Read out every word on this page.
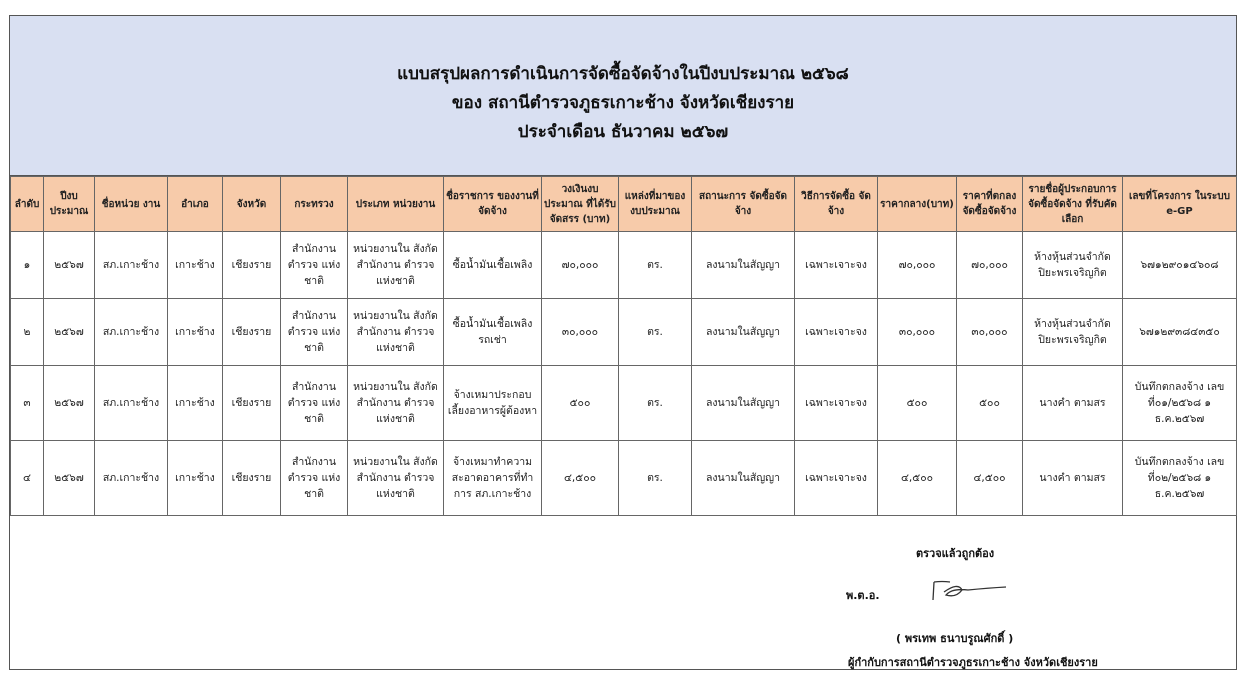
แบบสรุปผลการดำเนินการจัดซื้อจัดจ้างในปีงบประมาณ ๒๕๖๘
ของ สถานีตำรวจภูธรเกาะช้าง จังหวัดเชียงราย
ประจำเดือน ธันวาคม ๒๕๖๗
ลำดับ	ปีงบ ประมาณ	ชื่อหน่วย งาน	อำเภอ	จังหวัด	กระทรวง	ประเภท หน่วยงาน	ชื่อราชการ ของงานที่จัดจ้าง	วงเงินงบประมาณ ที่ได้รับจัดสรร (บาท)	แหล่งที่มาของ งบประมาณ	สถานะการ จัดซื้อจัดจ้าง	วิธีการจัดซื้อ จัดจ้าง	ราคากลาง(บาท)	ราคาที่ตกลง จัดซื้อจัดจ้าง	รายชื่อผู้ประกอบการ จัดซื้อจัดจ้าง ที่รับคัดเลือก	เลขที่โครงการ ในระบบ e-GP
๑	๒๕๖๗	สภ.เกาะช้าง	เกาะช้าง	เชียงราย	สำนักงาน ตำรวจ แห่งชาติ	หน่วยงานใน สังกัดสำนักงาน ตำรวจแห่งชาติ	ซื้อน้ำมันเชื้อเพลิง	๗๐,๐๐๐	ตร.	ลงนามในสัญญา	เฉพาะเจาะจง	๗๐,๐๐๐	๗๐,๐๐๐	ห้างหุ้นส่วนจำกัด ปิยะพรเจริญกิต	๖๗๑๒๙๐๑๔๖๐๘
๒	๒๕๖๗	สภ.เกาะช้าง	เกาะช้าง	เชียงราย	สำนักงาน ตำรวจ แห่งชาติ	หน่วยงานใน สังกัดสำนักงาน ตำรวจแห่งชาติ	ซื้อน้ำมันเชื้อเพลิง รถเช่า	๓๐,๐๐๐	ตร.	ลงนามในสัญญา	เฉพาะเจาะจง	๓๐,๐๐๐	๓๐,๐๐๐	ห้างหุ้นส่วนจำกัด ปิยะพรเจริญกิต	๖๗๑๒๙๓๘๔๓๕๐
๓	๒๕๖๗	สภ.เกาะช้าง	เกาะช้าง	เชียงราย	สำนักงาน ตำรวจ แห่งชาติ	หน่วยงานใน สังกัดสำนักงาน ตำรวจแห่งชาติ	จ้างเหมาประกอบ เลี้ยงอาหารผู้ต้องหา	๕๐๐	ตร.	ลงนามในสัญญา	เฉพาะเจาะจง	๕๐๐	๕๐๐	นางคำ ตามสร	บันทึกตกลงจ้าง เลขที่๐๑/๒๕๖๘ ๑ ธ.ค.๒๕๖๗
๔	๒๕๖๗	สภ.เกาะช้าง	เกาะช้าง	เชียงราย	สำนักงาน ตำรวจ แห่งชาติ	หน่วยงานใน สังกัดสำนักงาน ตำรวจแห่งชาติ	จ้างเหมาทำความ สะอาดอาคารที่ทำ การ สภ.เกาะช้าง	๔,๕๐๐	ตร.	ลงนามในสัญญา	เฉพาะเจาะจง	๔,๕๐๐	๔,๕๐๐	นางคำ ตามสร	บันทึกตกลงจ้าง เลขที่๐๒/๒๕๖๘ ๑ ธ.ค.๒๕๖๗
ตรวจแล้วถูกต้อง
พ.ต.อ.
( พรเทพ ธนาบรูณศักดิ์ )
ผู้กำกับการสถานีตำรวจภูธรเกาะช้าง จังหวัดเชียงราย
